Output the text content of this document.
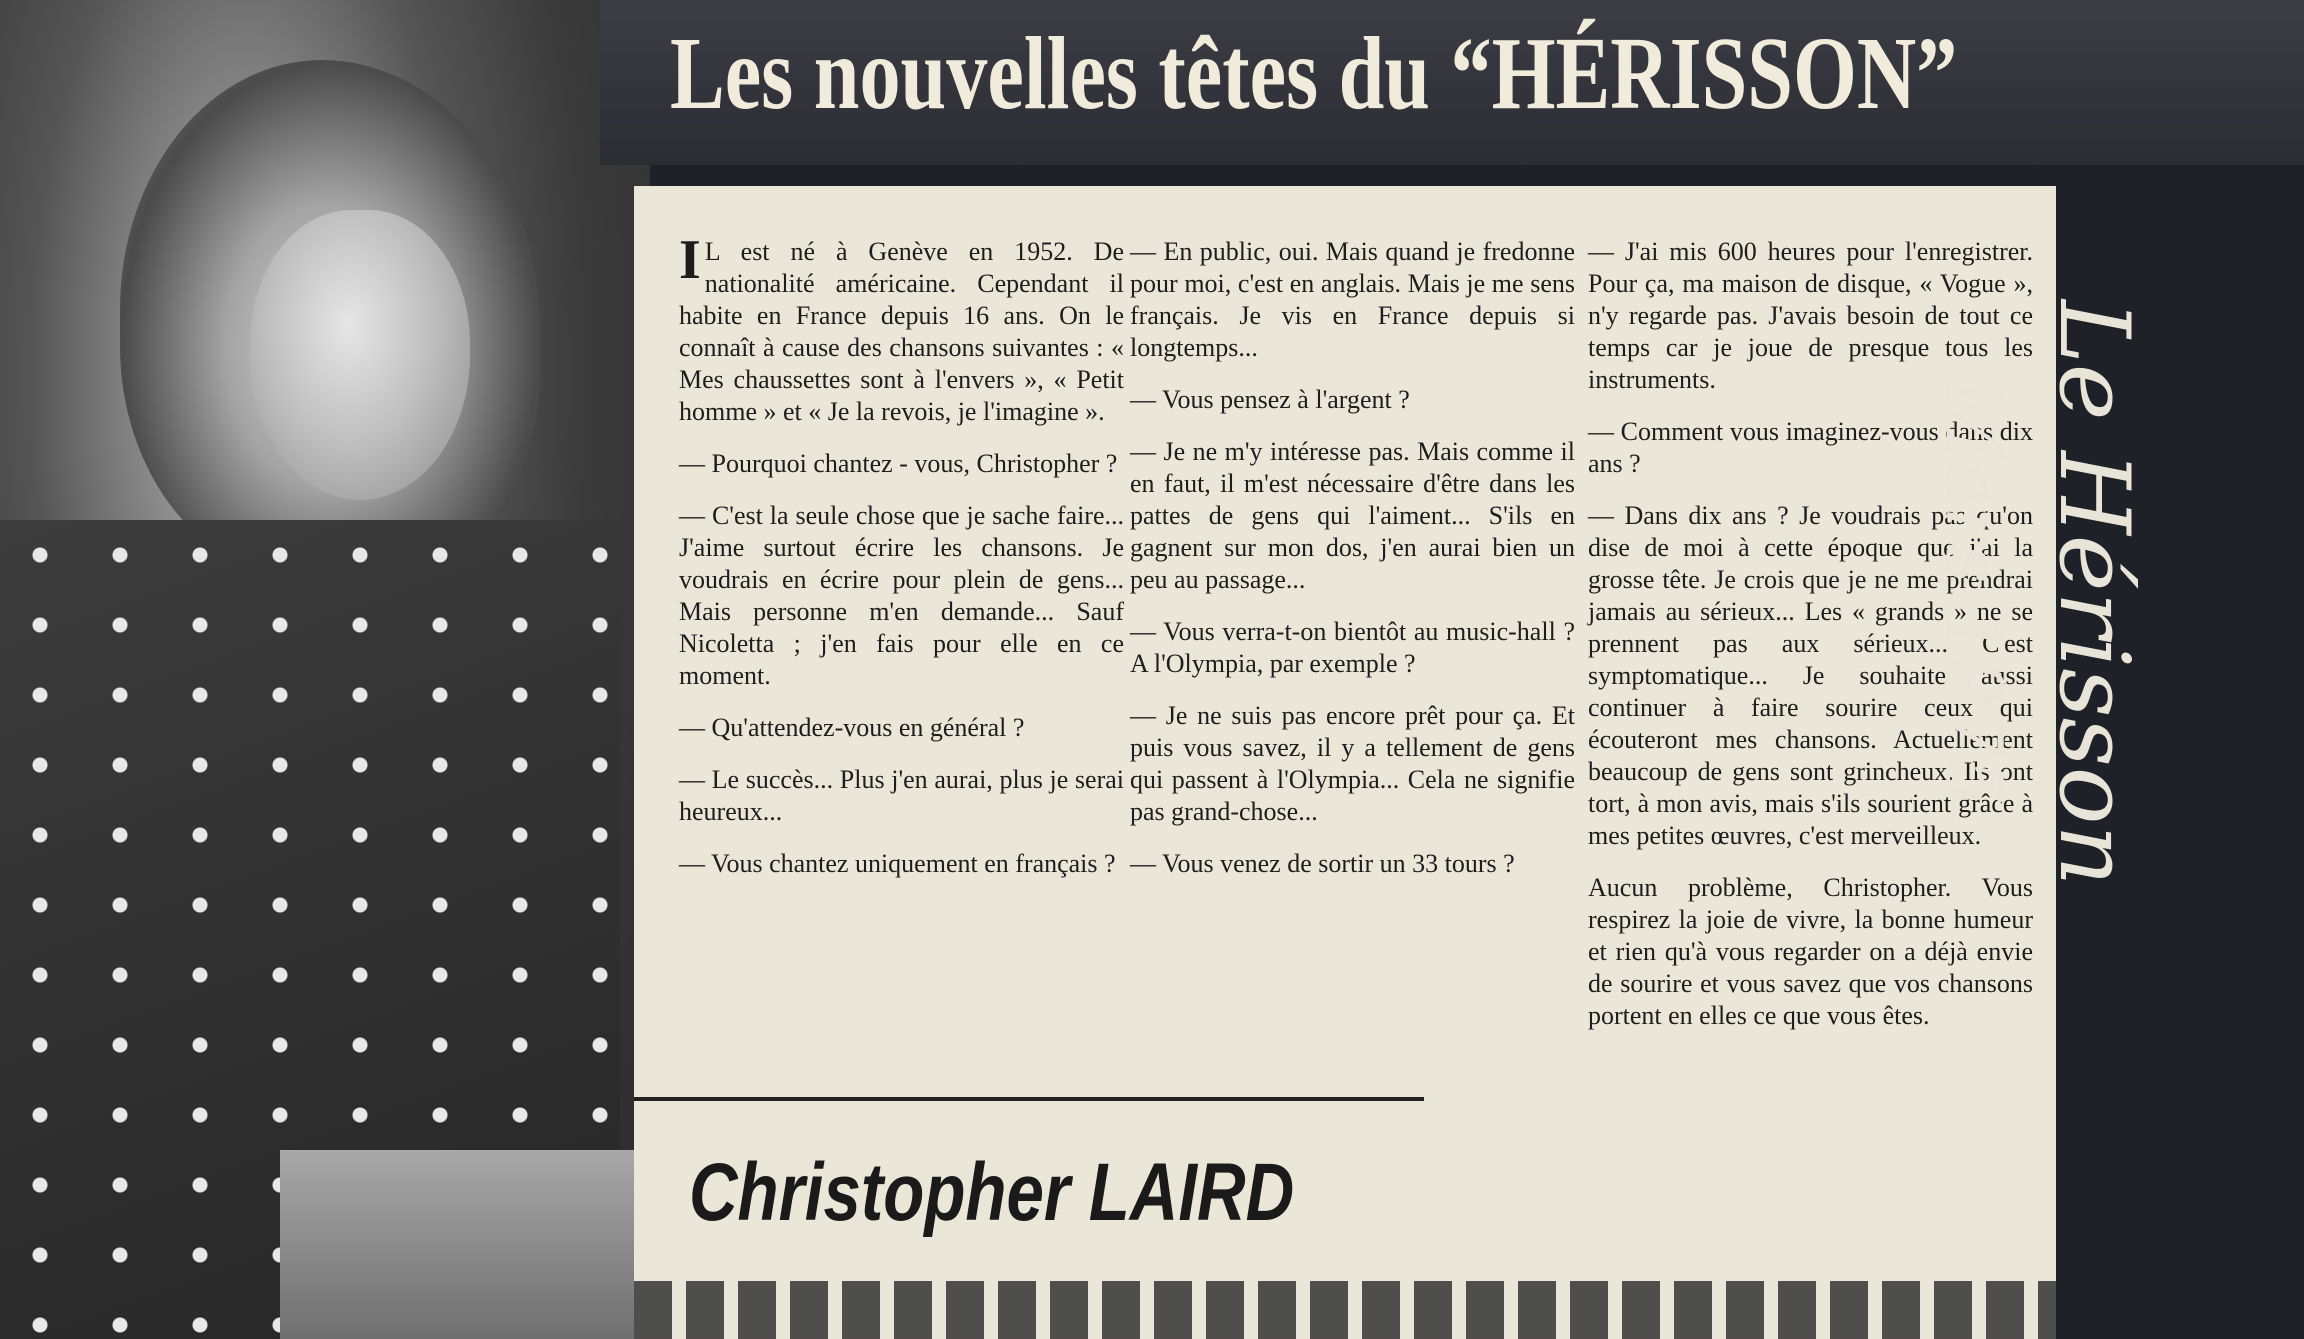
Les nouvelles têtes du “HÉRISSON”

IL est né à Genève en 1952. De nationalité américaine. Cependant il habite en France depuis 16 ans. On le connaît à cause des chansons suivantes : « Mes chaussettes sont à l'envers », « Petit homme » et « Je la revois, je l'imagine ».

— Pourquoi chantez - vous, Christopher ?

— C'est la seule chose que je sache faire... J'aime surtout écrire les chansons. Je voudrais en écrire pour plein de gens... Mais personne m'en demande... Sauf Nicoletta ; j'en fais pour elle en ce moment.

— Qu'attendez-vous en général ?

— Le succès... Plus j'en aurai, plus je serai heureux...

— Vous chantez uniquement en français ?

— En public, oui. Mais quand je fredonne pour moi, c'est en anglais. Mais je me sens français. Je vis en France depuis si longtemps...

— Vous pensez à l'argent ?

— Je ne m'y intéresse pas. Mais comme il en faut, il m'est nécessaire d'être dans les pattes de gens qui l'aiment... S'ils en gagnent sur mon dos, j'en aurai bien un peu au passage...

— Vous verra-t-on bientôt au music-hall ? A l'Olympia, par exemple ?

— Je ne suis pas encore prêt pour ça. Et puis vous savez, il y a tellement de gens qui passent à l'Olympia... Cela ne signifie pas grand-chose...

— Vous venez de sortir un 33 tours ?

— J'ai mis 600 heures pour l'enregistrer. Pour ça, ma maison de disque, « Vogue », n'y regarde pas. J'avais besoin de tout ce temps car je joue de presque tous les instruments.

— Comment vous imaginez-vous dans dix ans ?

— Dans dix ans ? Je voudrais pas qu'on dise de moi à cette époque que j'ai la grosse tête. Je crois que je ne me prendrai jamais au sérieux... Les « grands » ne se prennent pas aux sérieux... C'est symptomatique... Je souhaite aussi continuer à faire sourire ceux qui écouteront mes chansons. Actuellement beaucoup de gens sont grincheux. Ils ont tort, à mon avis, mais s'ils sourient grâce à mes petites œuvres, c'est merveilleux.

Aucun problème, Christopher. Vous respirez la joie de vivre, la bonne humeur et rien qu'à vous regarder on a déjà envie de sourire et vous savez que vos chansons portent en elles ce que vous êtes.

Christopher LAIRD
Le Hérisson
Mars 1975
